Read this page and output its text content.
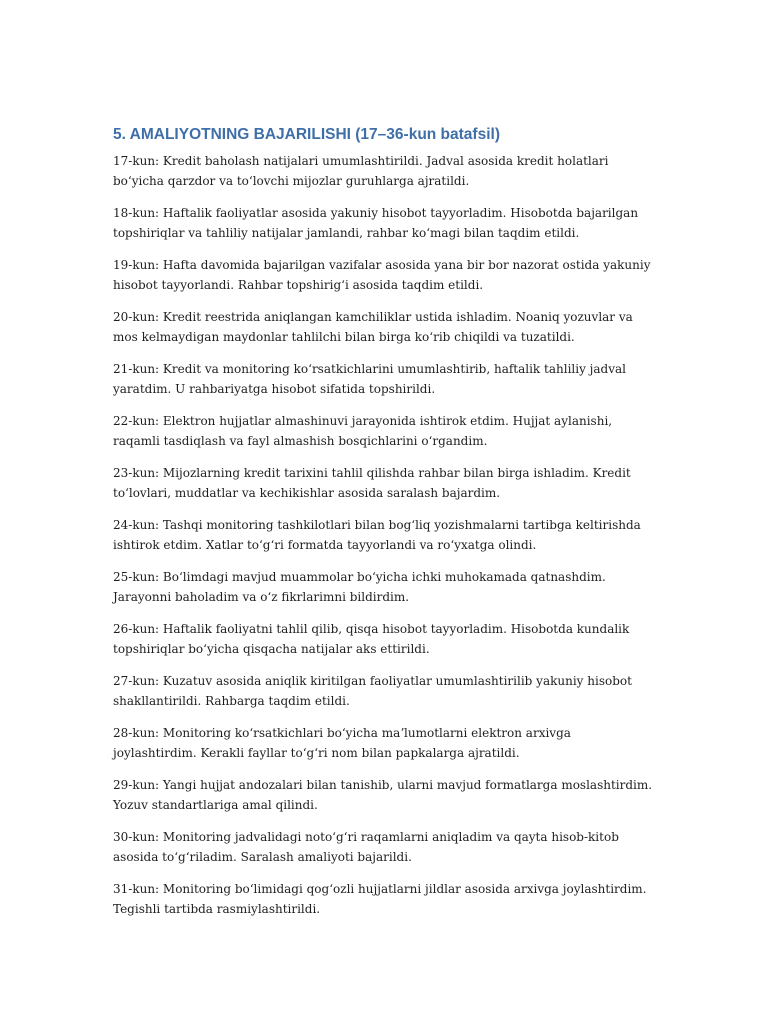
5. AMALIYOTNING BAJARILISHI (17–36-kun batafsil)

17-kun: Kredit baholash natijalari umumlashtirildi. Jadval asosida kredit holatlari boʻyicha qarzdor va toʻlovchi mijozlar guruhlarga ajratildi.

18-kun: Haftalik faoliyatlar asosida yakuniy hisobot tayyorladim. Hisobotda bajarilgan topshiriqlar va tahliliy natijalar jamlandi, rahbar koʻmagi bilan taqdim etildi.

19-kun: Hafta davomida bajarilgan vazifalar asosida yana bir bor nazorat ostida yakuniy hisobot tayyorlandi. Rahbar topshirigʻi asosida taqdim etildi.

20-kun: Kredit reestrida aniqlangan kamchiliklar ustida ishladim. Noaniq yozuvlar va mos kelmaydigan maydonlar tahlilchi bilan birga koʻrib chiqildi va tuzatildi.

21-kun: Kredit va monitoring koʻrsatkichlarini umumlashtirib, haftalik tahliliy jadval yaratdim. U rahbariyatga hisobot sifatida topshirildi.

22-kun: Elektron hujjatlar almashinuvi jarayonida ishtirok etdim. Hujjat aylanishi, raqamli tasdiqlash va fayl almashish bosqichlarini oʻrgandim.

23-kun: Mijozlarning kredit tarixini tahlil qilishda rahbar bilan birga ishladim. Kredit toʻlovlari, muddatlar va kechikishlar asosida saralash bajardim.

24-kun: Tashqi monitoring tashkilotlari bilan bogʻliq yozishmalarni tartibga keltirishda ishtirok etdim. Xatlar toʻgʻri formatda tayyorlandi va roʻyxatga olindi.

25-kun: Boʻlimdagi mavjud muammolar boʻyicha ichki muhokamada qatnashdim. Jarayonni baholadim va oʻz fikrlarimni bildirdim.

26-kun: Haftalik faoliyatni tahlil qilib, qisqa hisobot tayyorladim. Hisobotda kundalik topshiriqlar boʻyicha qisqacha natijalar aks ettirildi.

27-kun: Kuzatuv asosida aniqlik kiritilgan faoliyatlar umumlashtirilib yakuniy hisobot shakllantirildi. Rahbarga taqdim etildi.

28-kun: Monitoring koʻrsatkichlari boʻyicha maʼlumotlarni elektron arxivga joylashtirdim. Kerakli fayllar toʻgʻri nom bilan papkalarga ajratildi.

29-kun: Yangi hujjat andozalari bilan tanishib, ularni mavjud formatlarga moslashtirdim. Yozuv standartlariga amal qilindi.

30-kun: Monitoring jadvalidagi notoʻgʻri raqamlarni aniqladim va qayta hisob-kitob asosida toʻgʻriladim. Saralash amaliyoti bajarildi.

31-kun: Monitoring boʻlimidagi qogʻozli hujjatlarni jildlar asosida arxivga joylashtirdim. Tegishli tartibda rasmiylashtirildi.
